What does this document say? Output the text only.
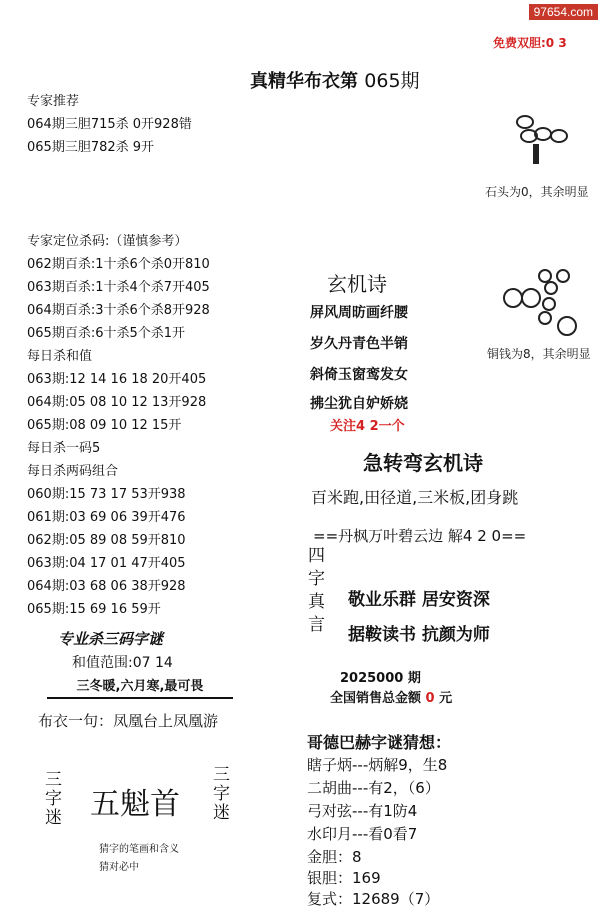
97654.com
免费双胆:0 3
真精华布衣第 065期
专家推荐
064期三胆715杀 0开928错
065期三胆782杀 9开
专家定位杀码:（谨慎参考）
062期百杀:1十杀6个杀0开810
063期百杀:1十杀4个杀7开405
064期百杀:3十杀6个杀8开928
065期百杀:6十杀5个杀1开
每日杀和值
063期:12 14 16 18 20开405
064期:05 08 10 12 13开928
065期:08 09 10 12 15开
每日杀一码5
每日杀两码组合
060期:15 73 17 53开938
061期:03 69 06 39开476
062期:05 89 08 59开810
063期:04 17 01 47开405
064期:03 68 06 38开928
065期:15 69 16 59开
专业杀三码字谜
和值范围:07 14
三冬暖,六月寒,最可畏
布衣一句：凤凰台上凤凰游
三字迷 五魁首 三字迷
猜字的笔画和含义
猜对必中
石头为0，其余明显
铜钱为8，其余明显
玄机诗
屏风周昉画纤腰
岁久丹青色半销
斜倚玉窗鸾发女
拂尘犹自妒娇娆
关注4 2一个
急转弯玄机诗
百米跑,田径道,三米板,团身跳
==丹枫万叶碧云边 解4 2 0==
四字真言 敬业乐群 居安资深
据鞍读书 抗颜为师
2025000 期
全国销售总金额 0 元
哥德巴赫字谜猜想：
瞎子炳---炳解9，生8
二胡曲---有2，（6）
弓对弦---有1防4
水印月---看0看7
金胆：8
银胆：169
复式：12689（7）
